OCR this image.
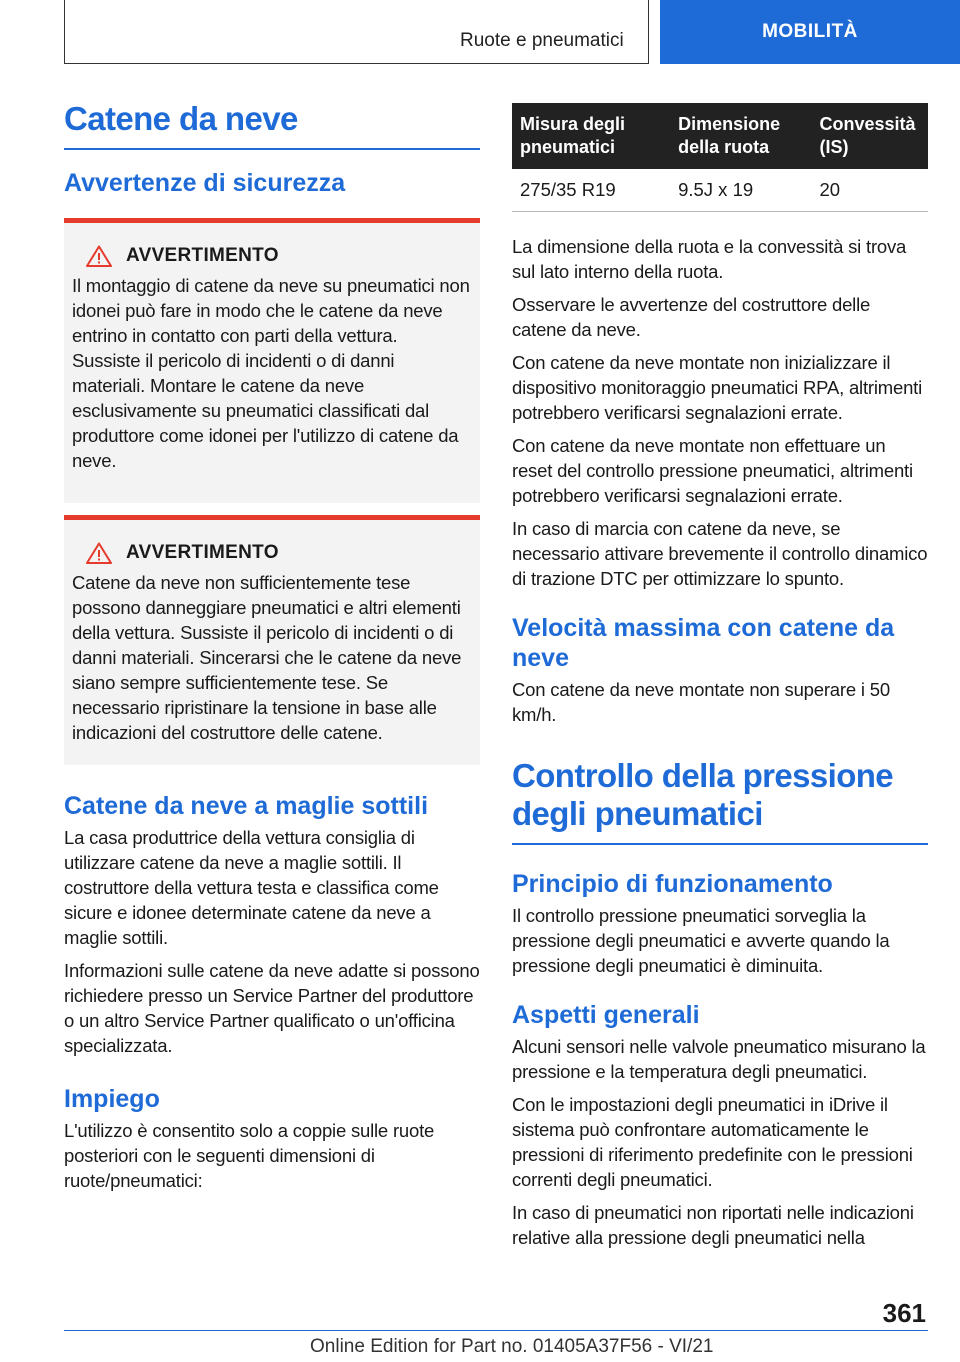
Ruote e pneumatici	MOBILITÀ
Catene da neve
Avvertenze di sicurezza
AVVERTIMENTO

Il montaggio di catene da neve su pneumatici non idonei può fare in modo che le catene da neve entrino in contatto con parti della vettura. Sussiste il pericolo di incidenti o di danni materiali. Montare le catene da neve esclusivamente su pneumatici classificati dal produttore come idonei per l'utilizzo di catene da neve.

AVVERTIMENTO

Catene da neve non sufficientemente tese possono danneggiare pneumatici e altri elementi della vettura. Sussiste il pericolo di incidenti o di danni materiali. Sincerarsi che le catene da neve siano sempre sufficientemente tese. Se necessario ripristinare la tensione in base alle indicazioni del costruttore delle catene.

Catene da neve a maglie sottili

La casa produttrice della vettura consiglia di utilizzare catene da neve a maglie sottili. Il costruttore della vettura testa e classifica come sicure e idonee determinate catene da neve a maglie sottili.

Informazioni sulle catene da neve adatte si possono richiedere presso un Service Partner del produttore o un altro Service Partner qualificato o un'officina specializzata.

Impiego

L'utilizzo è consentito solo a coppie sulle ruote posteriori con le seguenti dimensioni di ruote/pneumatici:

Misura degli pneumatici	Dimensione della ruota	Convessità (IS)
275/35 R19	9.5J x 19	20

La dimensione della ruota e la convessità si trova sul lato interno della ruota.

Osservare le avvertenze del costruttore delle catene da neve.

Con catene da neve montate non inizializzare il dispositivo monitoraggio pneumatici RPA, altrimenti potrebbero verificarsi segnalazioni errate.

Con catene da neve montate non effettuare un reset del controllo pressione pneumatici, altrimenti potrebbero verificarsi segnalazioni errate.

In caso di marcia con catene da neve, se necessario attivare brevemente il controllo dinamico di trazione DTC per ottimizzare lo spunto.

Velocità massima con catene da neve

Con catene da neve montate non superare i 50 km/h.

Controllo della pressione degli pneumatici
Principio di funzionamento

Il controllo pressione pneumatici sorveglia la pressione degli pneumatici e avverte quando la pressione degli pneumatici è diminuita.

Aspetti generali

Alcuni sensori nelle valvole pneumatico misurano la pressione e la temperatura degli pneumatici.

Con le impostazioni degli pneumatici in iDrive il sistema può confrontare automaticamente le pressioni di riferimento predefinite con le pressioni correnti degli pneumatici.

In caso di pneumatici non riportati nelle indicazioni relative alla pressione degli pneumatici nella

361
Online Edition for Part no. 01405A37F56 - VI/21
